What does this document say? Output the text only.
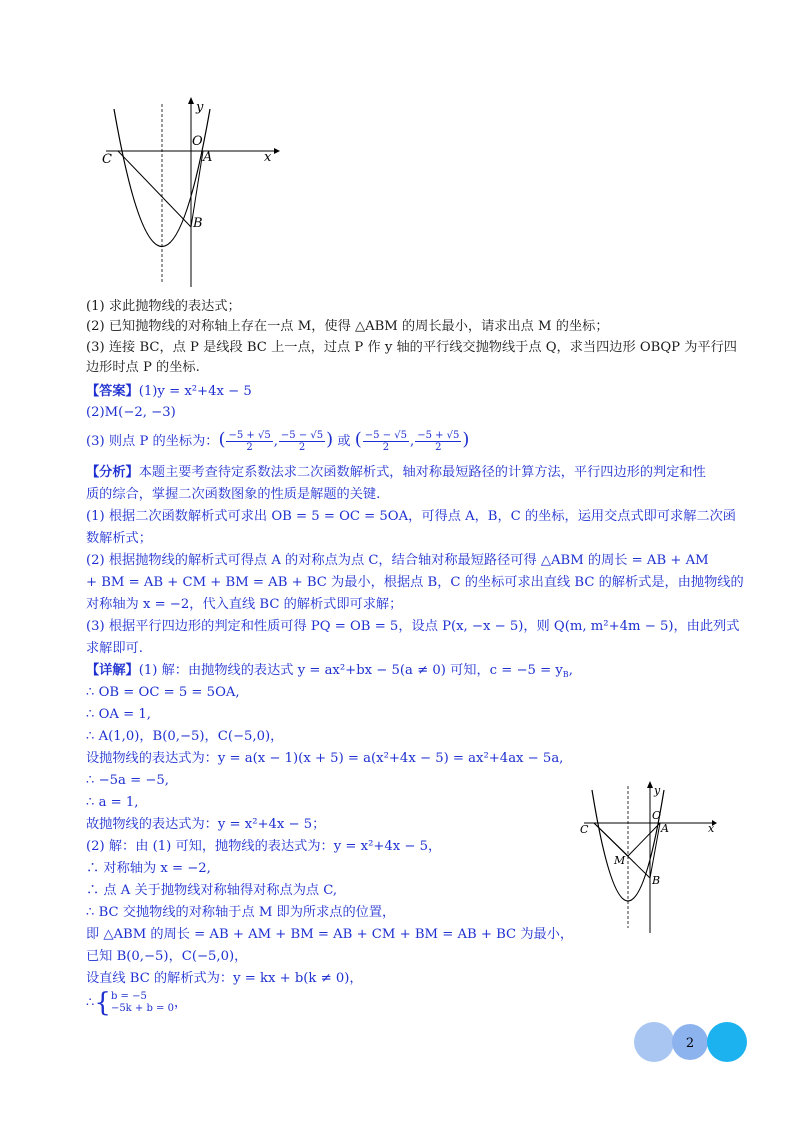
y
O
A	x
C
B
(1) 求此抛物线的表达式；
(2) 已知抛物线的对称轴上存在一点 M，使得 △ABM 的周长最小，请求出点 M 的坐标；
(3) 连接 BC，点 P 是线段 BC 上一点，过点 P 作 y 轴的平行线交抛物线于点 Q，求当四边形 OBQP 为平行四
边形时点 P 的坐标.
【答案】(1)y = x²+4x − 5
(2)M(−2, −3)
(3) 则点 P 的坐标为：( $\frac{-5 + √5}{2}$ , $\frac{-5 - √5}{2}$ ) 或 ( $\frac{-5 - √5}{2}$ , $\frac{-5 + √5}{2}$ )
【分析】本题主要考查待定系数法求二次函数解析式，轴对称最短路径的计算方法，平行四边形的判定和性
质的综合，掌握二次函数图象的性质是解题的关键.
(1) 根据二次函数解析式可求出 OB = 5 = OC = 5OA，可得点 A，B，C 的坐标，运用交点式即可求解二次函
数解析式；
(2) 根据抛物线的解析式可得点 A 的对称点为点 C，结合轴对称最短路径可得 △ABM 的周长 = AB + AM
+ BM = AB + CM + BM = AB + BC 为最小，根据点 B，C 的坐标可求出直线 BC 的解析式是，由抛物线的
对称轴为 x = −2，代入直线 BC 的解析式即可求解；
(3) 根据平行四边形的判定和性质可得 PQ = OB = 5，设点 P(x, −x − 5)，则 Q(m, m²+4m − 5)，由此列式
求解即可.
【详解】(1) 解：由抛物线的表达式 y = ax²+bx − 5(a ≠ 0) 可知，$c = -5 = y_B$,
∴ OB = OC = 5 = 5OA,
∴ OA = 1,
∴ A(1,0)，B(0,−5)，C(−5,0)，
设抛物线的表达式为：y = a(x − 1)(x + 5) = a(x²+4x − 5) = ax²+4ax − 5a,
∴ −5a = −5,
∴ a = 1,
故抛物线的表达式为：y = x²+4x − 5；
(2) 解：由 (1) 可知，抛物线的表达式为：y = x²+4x − 5，
∴ 对称轴为 x = −2,
∴ 点 A 关于抛物线对称轴得对称点为点 C,
∴ BC 交抛物线的对称轴于点 M 即为所求点的位置，
即 △ABM 的周长 = AB + AM + BM = AB + CM + BM = AB + BC 为最小，
已知 B(0,−5)，C(−5,0)，
设直线 BC 的解析式为：y = kx + b(k ≠ 0)，
∴{ b = −5
−5k + b = 0 ，
y
O
A	x
C
M
B
2
